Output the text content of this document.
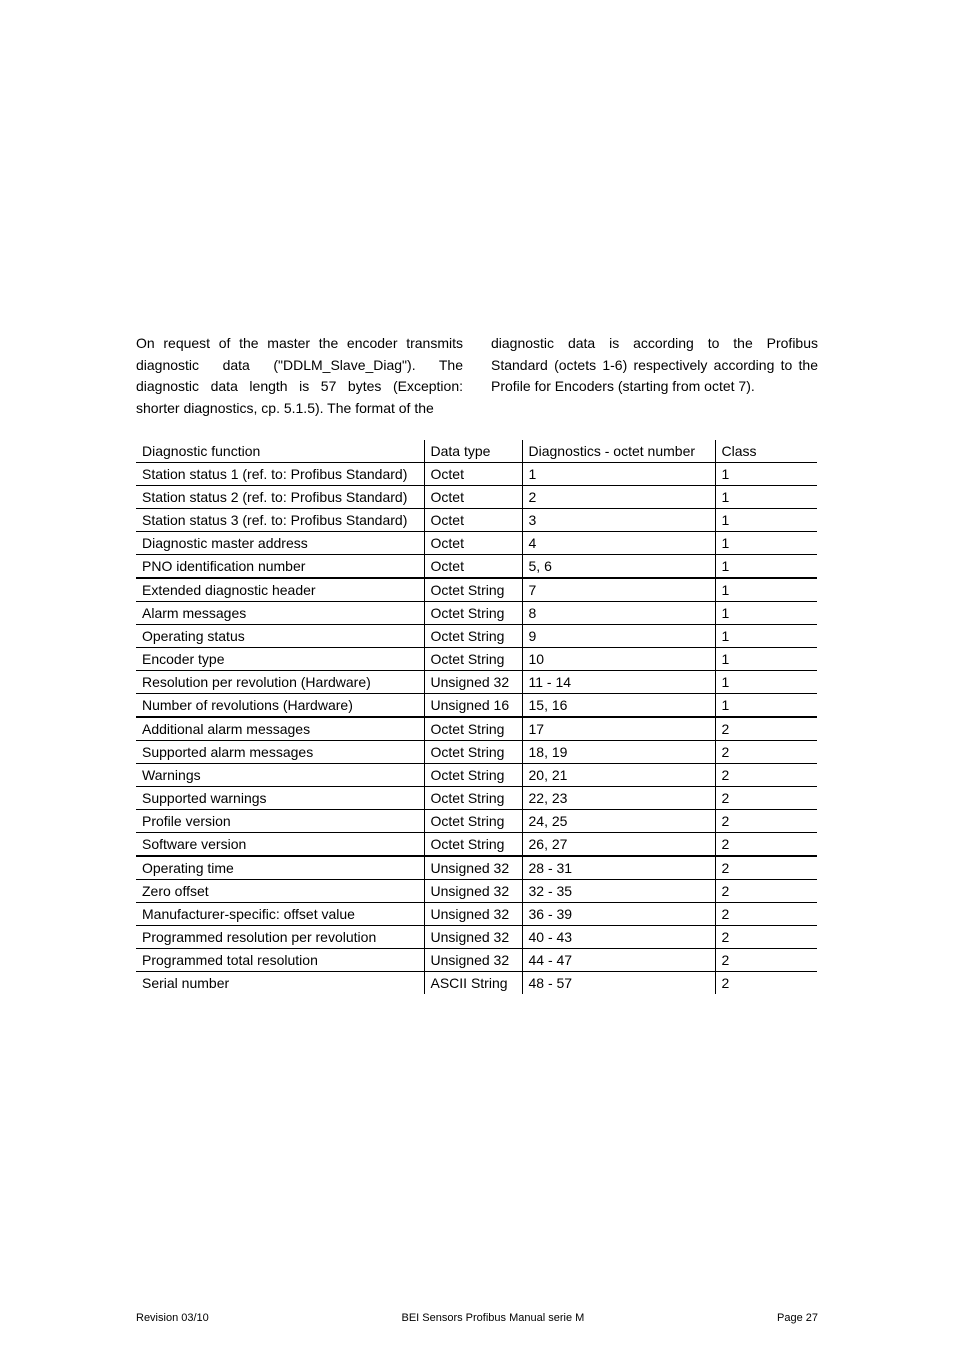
On request of the master the encoder transmits diagnostic data ("DDLM_Slave_Diag"). The diagnostic data length is 57 bytes (Exception: shorter diagnostics, cp. 5.1.5). The format of the

diagnostic data is according to the Profibus Standard (octets 1-6) respectively according to the Profile for Encoders (starting from octet 7).

Diagnostic function	Data type	Diagnostics - octet number	Class
Station status 1 (ref. to: Profibus Standard)	Octet	1	1
Station status 2 (ref. to: Profibus Standard)	Octet	2	1
Station status 3 (ref. to: Profibus Standard)	Octet	3	1
Diagnostic master address	Octet	4	1
PNO identification number	Octet	5, 6	1
Extended diagnostic header	Octet String	7	1
Alarm messages	Octet String	8	1
Operating status	Octet String	9	1
Encoder type	Octet String	10	1
Resolution per revolution (Hardware)	Unsigned 32	11 - 14	1
Number of revolutions (Hardware)	Unsigned 16	15, 16	1
Additional alarm messages	Octet String	17	2
Supported alarm messages	Octet String	18, 19	2
Warnings	Octet String	20, 21	2
Supported warnings	Octet String	22, 23	2
Profile version	Octet String	24, 25	2
Software version	Octet String	26, 27	2
Operating time	Unsigned 32	28 - 31	2
Zero offset	Unsigned 32	32 - 35	2
Manufacturer-specific: offset value	Unsigned 32	36 - 39	2
Programmed resolution per revolution	Unsigned 32	40 - 43	2
Programmed total resolution	Unsigned 32	44 - 47	2
Serial number	ASCII String	48 - 57	2
Revision 03/10	BEI Sensors Profibus Manual serie M	Page 27
